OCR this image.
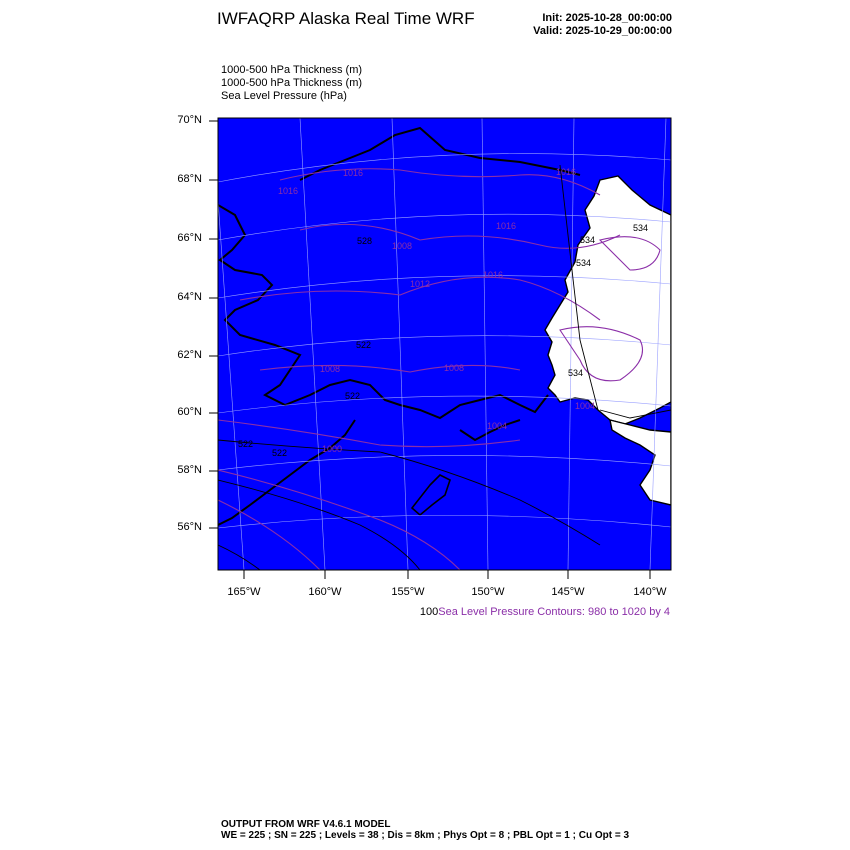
IWFAQRP Alaska Real Time WRF	Init: 2025-10-28_00:00:00
Valid: 2025-10-29_00:00:00
1000-500 hPa Thickness (m)
1000-500 hPa Thickness (m)
Sea Level Pressure (hPa)
1016
1016
1016
1016
1016
1012
1008	1008
1008
1004
1000
1004
534
534
534
534
528
522
522
522
522
70°N
68°N
66°N
64°N
62°N
60°N
58°N
56°N
165°W	160°W	155°W	150°W	145°W	140°W
100Sea Level Pressure Contours: 980 to 1020 by 4
OUTPUT FROM WRF V4.6.1 MODEL
WE = 225 ; SN = 225 ; Levels = 38 ; Dis = 8km ; Phys Opt = 8 ; PBL Opt = 1 ; Cu Opt = 3
